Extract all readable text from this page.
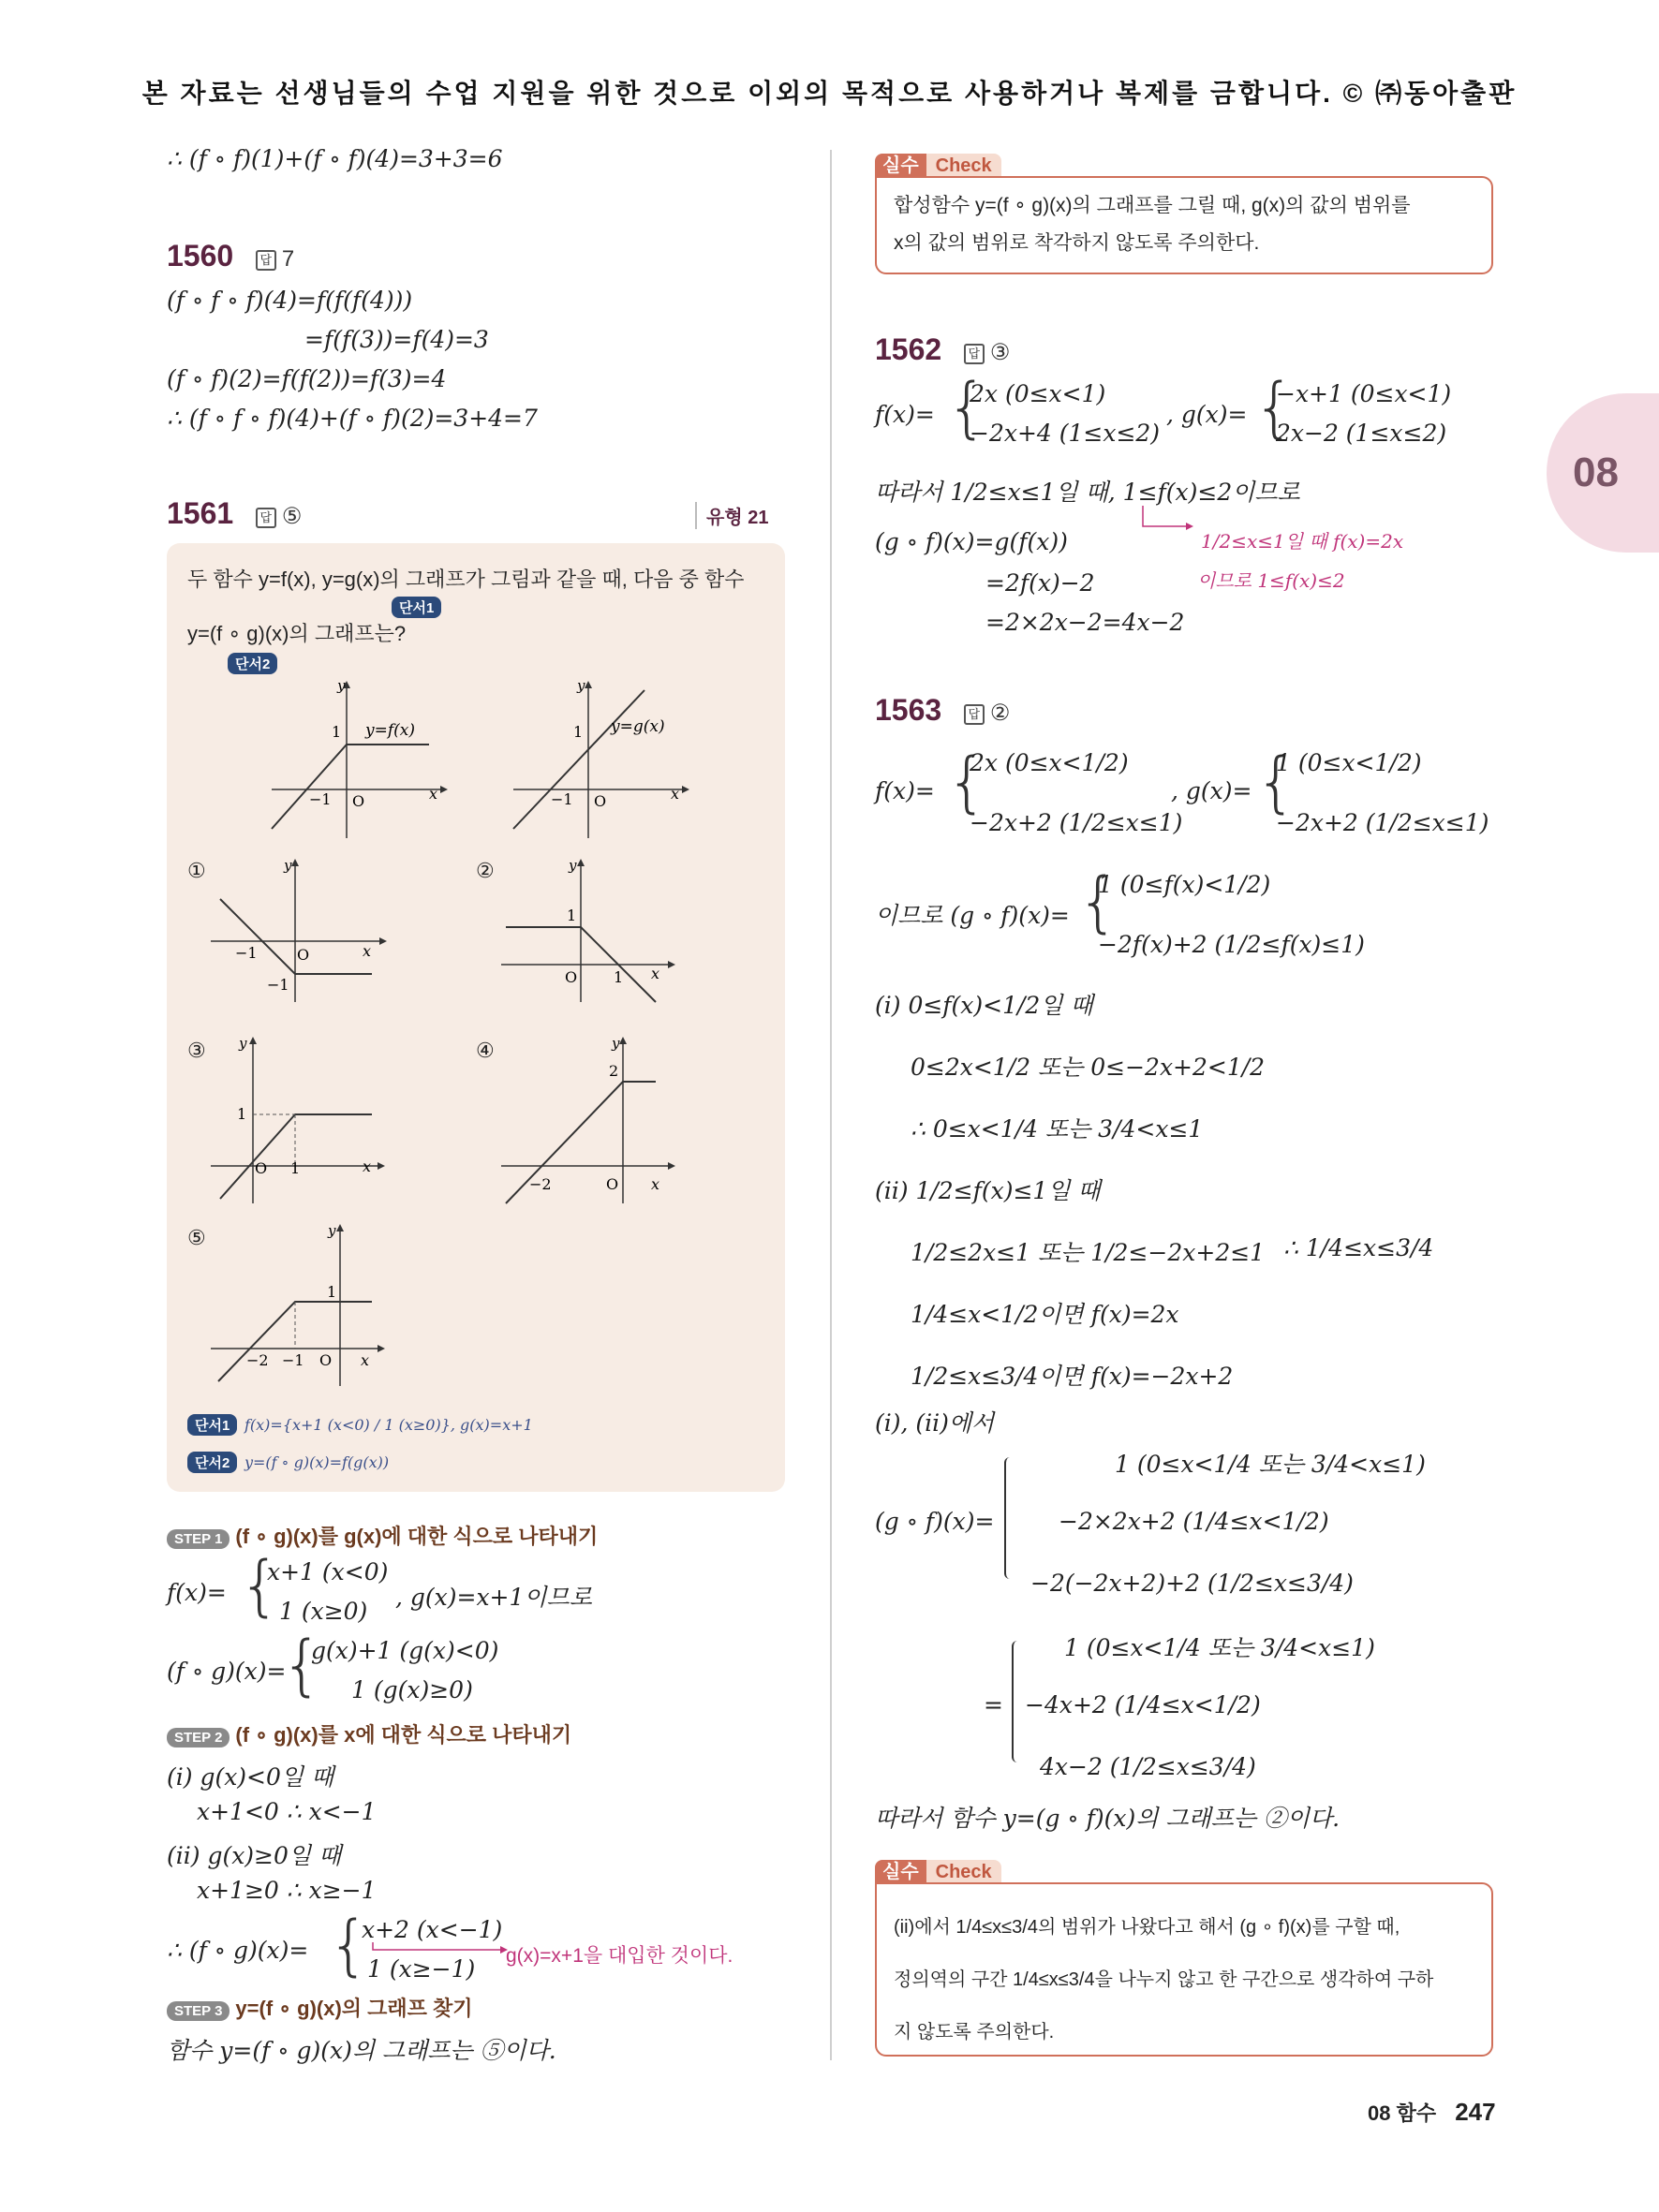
본 자료는 선생님들의 수업 지원을 위한 것으로 이외의 목적으로 사용하거나 복제를 금합니다. © ㈜동아출판
08
∴ (f ∘ f)(1)+(f ∘ f)(4)=3+3=6
1560 답 7
(f ∘ f ∘ f)(4)=f(f(f(4)))
=f(f(3))=f(4)=3
(f ∘ f)(2)=f(f(2))=f(3)=4
∴ (f ∘ f ∘ f)(4)+(f ∘ f)(2)=3+4=7
1561 답 ⑤	유형 21
두 함수 y=f(x), y=g(x)의 그래프가 그림과 같을 때, 다음 중 함수
단서1
y=(f ∘ g)(x)의 그래프는?
단서2
y
x
1
−1 O
y=f(x)
y
x
1
−1 O
y=g(x)
①	y
x
−1	O
−1
②	y
x
1
O 1
③ y
x
1
O 1
④	y
x
2
−2	O
⑤	y
x
1
−2 −1 O
단서1 f(x)={x+1 (x<0) / 1 (x≥0)}, g(x)=x+1
단서2 y=(f ∘ g)(x)=f(g(x))
STEP 1 (f ∘ g)(x)를 g(x)에 대한 식으로 나타내기
f(x)= {
x+1 (x<0)
1 (x≥0)
, g(x)=x+1이므로
(f ∘ g)(x)=
{
g(x)+1 (g(x)<0)
1 (g(x)≥0)
STEP 2 (f ∘ g)(x)를 x에 대한 식으로 나타내기
(i) g(x)<0일 때
x+1<0 ∴ x<−1
(ii) g(x)≥0일 때
x+1≥0 ∴ x≥−1
∴ (f ∘ g)(x)= {
x+2 (x<−1)
1 (x≥−1) g(x)=x+1을 대입한 것이다.
STEP 3 y=(f ∘ g)(x)의 그래프 찾기
함수 y=(f ∘ g)(x)의 그래프는 ⑤이다.
실수 Check
합성함수 y=(f ∘ g)(x)의 그래프를 그릴 때, g(x)의 값의 범위를
x의 값의 범위로 착각하지 않도록 주의한다.
1562 답 ③
f(x)= {
2x (0≤x<1)
−2x+4 (1≤x≤2)
, g(x)= {
−x+1 (0≤x<1)
2x−2 (1≤x≤2)
따라서 1/2≤x≤1일 때, 1≤f(x)≤2이므로
(g ∘ f)(x)=g(f(x))
=2f(x)−2
=2×2x−2=4x−2
1/2≤x≤1일 때 f(x)=2x
이므로 1≤f(x)≤2
1563 답 ②
f(x)= {
2x (0≤x<1/2)
−2x+2 (1/2≤x≤1)
, g(x)= {
1 (0≤x<1/2)
−2x+2 (1/2≤x≤1)
이므로 (g ∘ f)(x)= {
1 (0≤f(x)<1/2)
−2f(x)+2 (1/2≤f(x)≤1)
(i) 0≤f(x)<1/2일 때
0≤2x<1/2 또는 0≤−2x+2<1/2
∴ 0≤x<1/4 또는 3/4<x≤1
(ii) 1/2≤f(x)≤1일 때
1/2≤2x≤1 또는 1/2≤−2x+2≤1 ∴ 1/4≤x≤3/4
1/4≤x<1/2이면 f(x)=2x
1/2≤x≤3/4이면 f(x)=−2x+2
(i), (ii)에서
(g ∘ f)(x)=
1 (0≤x<1/4 또는 3/4<x≤1)
−2×2x+2 (1/4≤x<1/2)
−2(−2x+2)+2 (1/2≤x≤3/4)
=
1 (0≤x<1/4 또는 3/4<x≤1)
−4x+2 (1/4≤x<1/2)
4x−2 (1/2≤x≤3/4)
따라서 함수 y=(g ∘ f)(x)의 그래프는 ②이다.
실수 Check
(ii)에서 1/4≤x≤3/4의 범위가 나왔다고 해서 (g ∘ f)(x)를 구할 때,
정의역의 구간 1/4≤x≤3/4을 나누지 않고 한 구간으로 생각하여 구하
지 않도록 주의한다.
08 함수 247
